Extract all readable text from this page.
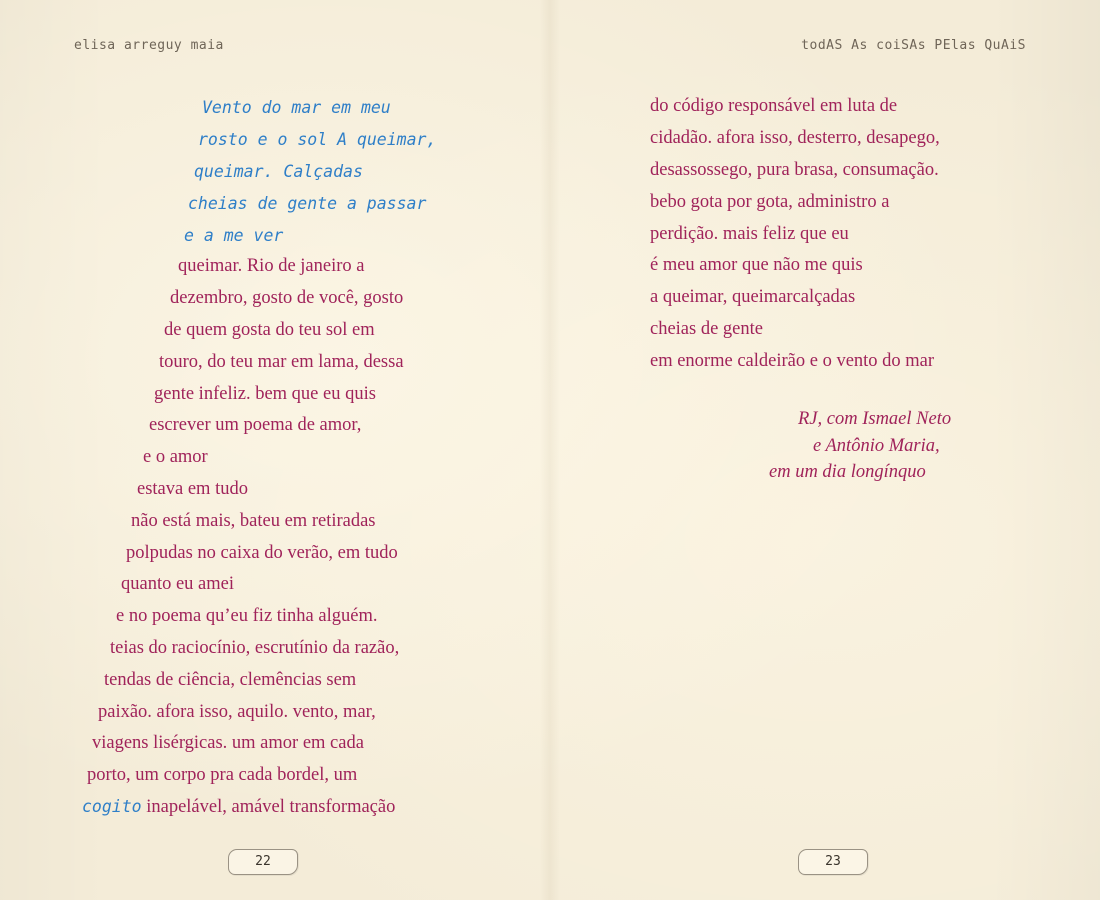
elisa arreguy maia
Vento do mar em meu
rosto e o sol A queimar,
queimar. Calçadas
cheias de gente a passar
e a me ver
queimar. Rio de janeiro a
dezembro, gosto de você, gosto
de quem gosta do teu sol em
touro, do teu mar em lama, dessa
gente infeliz. bem que eu quis
escrever um poema de amor,
e o amor
estava em tudo
não está mais, bateu em retiradas
polpudas no caixa do verão, em tudo
quanto eu amei
e no poema qu’eu fiz tinha alguém.
teias do raciocínio, escrutínio da razão,
tendas de ciência, clemências sem
paixão. afora isso, aquilo. vento, mar,
viagens lisérgicas. um amor em cada
porto, um corpo pra cada bordel, um
cogito inapelável, amável transformação
22
todAS As coiSAs PElas QuAiS
do código responsável em luta de
cidadão. afora isso, desterro, desapego,
desassossego, pura brasa, consumação.
bebo gota por gota, administro a
perdição. mais feliz que eu
é meu amor que não me quis
a queimar, queimarcalçadas
cheias de gente
em enorme caldeirão e o vento do mar
RJ, com Ismael Neto
e Antônio Maria,
em um dia longínquo
23
